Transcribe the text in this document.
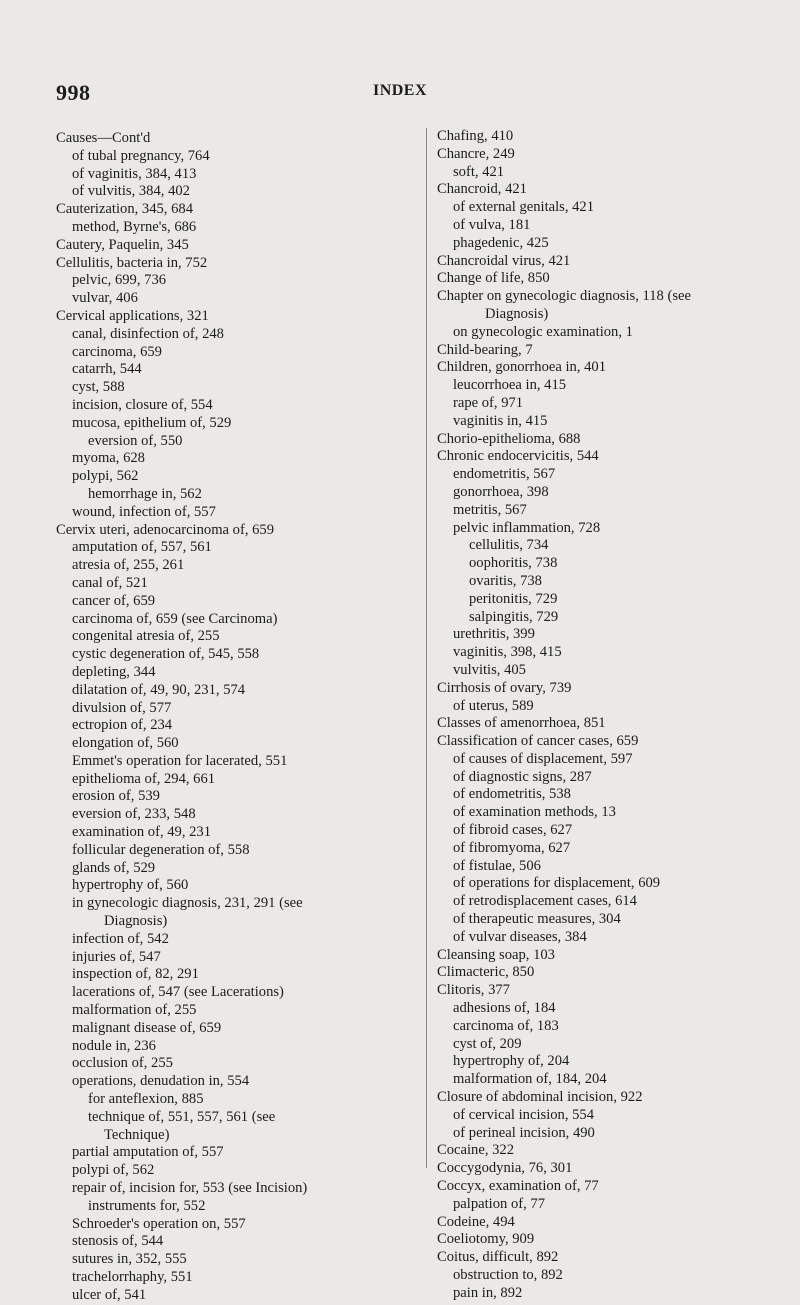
998	INDEX
Causes—Cont'd
of tubal pregnancy, 764
of vaginitis, 384, 413
of vulvitis, 384, 402
Cauterization, 345, 684
method, Byrne's, 686
Cautery, Paquelin, 345
Cellulitis, bacteria in, 752
pelvic, 699, 736
vulvar, 406
Cervical applications, 321
canal, disinfection of, 248
carcinoma, 659
catarrh, 544
cyst, 588
incision, closure of, 554
mucosa, epithelium of, 529
eversion of, 550
myoma, 628
polypi, 562
hemorrhage in, 562
wound, infection of, 557
Cervix uteri, adenocarcinoma of, 659
amputation of, 557, 561
atresia of, 255, 261
canal of, 521
cancer of, 659
carcinoma of, 659 (see Carcinoma)
congenital atresia of, 255
cystic degeneration of, 545, 558
depleting, 344
dilatation of, 49, 90, 231, 574
divulsion of, 577
ectropion of, 234
elongation of, 560
Emmet's operation for lacerated, 551
epithelioma of, 294, 661
erosion of, 539
eversion of, 233, 548
examination of, 49, 231
follicular degeneration of, 558
glands of, 529
hypertrophy of, 560
in gynecologic diagnosis, 231, 291 (see
Diagnosis)
infection of, 542
injuries of, 547
inspection of, 82, 291
lacerations of, 547 (see Lacerations)
malformation of, 255
malignant disease of, 659
nodule in, 236
occlusion of, 255
operations, denudation in, 554
for anteflexion, 885
technique of, 551, 557, 561 (see
Technique)
partial amputation of, 557
polypi of, 562
repair of, incision for, 553 (see Incision)
instruments for, 552
Schroeder's operation on, 557
stenosis of, 544
sutures in, 352, 555
trachelorrhaphy, 551
ulcer of, 541
Chafing, 410
Chancre, 249
soft, 421
Chancroid, 421
of external genitals, 421
of vulva, 181
phagedenic, 425
Chancroidal virus, 421
Change of life, 850
Chapter on gynecologic diagnosis, 118 (see
Diagnosis)
on gynecologic examination, 1
Child-bearing, 7
Children, gonorrhoea in, 401
leucorrhoea in, 415
rape of, 971
vaginitis in, 415
Chorio-epithelioma, 688
Chronic endocervicitis, 544
endometritis, 567
gonorrhoea, 398
metritis, 567
pelvic inflammation, 728
cellulitis, 734
oophoritis, 738
ovaritis, 738
peritonitis, 729
salpingitis, 729
urethritis, 399
vaginitis, 398, 415
vulvitis, 405
Cirrhosis of ovary, 739
of uterus, 589
Classes of amenorrhoea, 851
Classification of cancer cases, 659
of causes of displacement, 597
of diagnostic signs, 287
of endometritis, 538
of examination methods, 13
of fibroid cases, 627
of fibromyoma, 627
of fistulae, 506
of operations for displacement, 609
of retrodisplacement cases, 614
of therapeutic measures, 304
of vulvar diseases, 384
Cleansing soap, 103
Climacteric, 850
Clitoris, 377
adhesions of, 184
carcinoma of, 183
cyst of, 209
hypertrophy of, 204
malformation of, 184, 204
Closure of abdominal incision, 922
of cervical incision, 554
of perineal incision, 490
Cocaine, 322
Coccygodynia, 76, 301
Coccyx, examination of, 77
palpation of, 77
Codeine, 494
Coeliotomy, 909
Coitus, difficult, 892
obstruction to, 892
pain in, 892
